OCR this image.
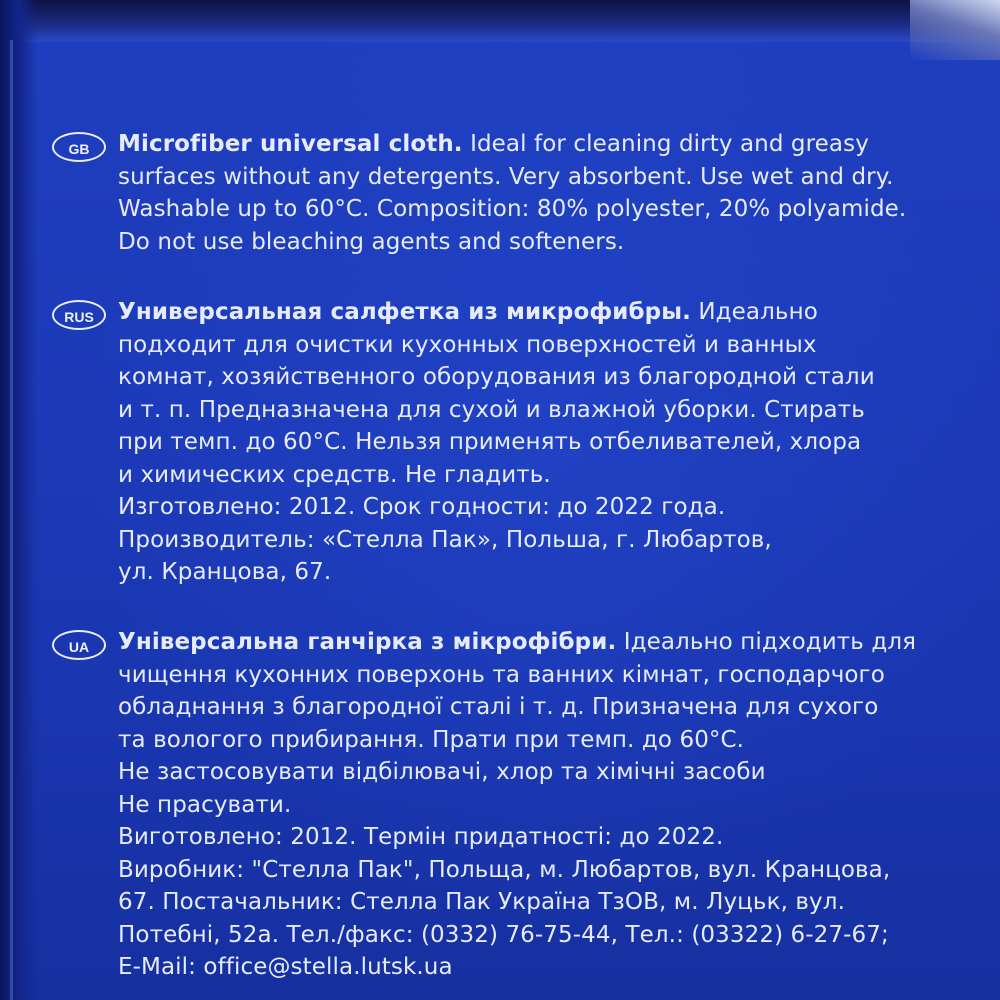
GB	Microfiber universal cloth. Ideal for cleaning dirty and greasy
surfaces without any detergents. Very absorbent. Use wet and dry.
Washable up to 60°C. Composition: 80% polyester, 20% polyamide.
Do not use bleaching agents and softeners.
RUS	Универсальная салфетка из микрофибры. Идеально
подходит для очистки кухонных поверхностей и ванных
комнат, хозяйственного оборудования из благородной стали
и т. п. Предназначена для сухой и влажной уборки. Стирать
при темп. до 60°С. Нельзя применять отбеливателей, хлора
и химических средств. Не гладить.
Изготовлено: 2012. Срок годности: до 2022 года.
Производитель: «Стелла Пак», Польша, г. Любартов,
ул. Кранцова, 67.
UA	Універсальна ганчірка з мікрофібри. Ідеально підходить для
чищення кухонних поверхонь та ванних кімнат, господарчого
обладнання з благородної сталі і т. д. Призначена для сухого
та вологого прибирання. Прати при темп. до 60°С.
Не застосовувати відбілювачі, хлор та хімічні засоби
Не прасувати.
Виготовлено: 2012. Термін придатності: до 2022.
Виробник: "Стелла Пак", Польща, м. Любартов, вул. Кранцова,
67. Постачальник: Стелла Пак Україна ТзОВ, м. Луцьк, вул.
Потебні, 52а. Тел./факс: (0332) 76-75-44, Тел.: (03322) 6-27-67;
E-Mail: office@stella.lutsk.ua
